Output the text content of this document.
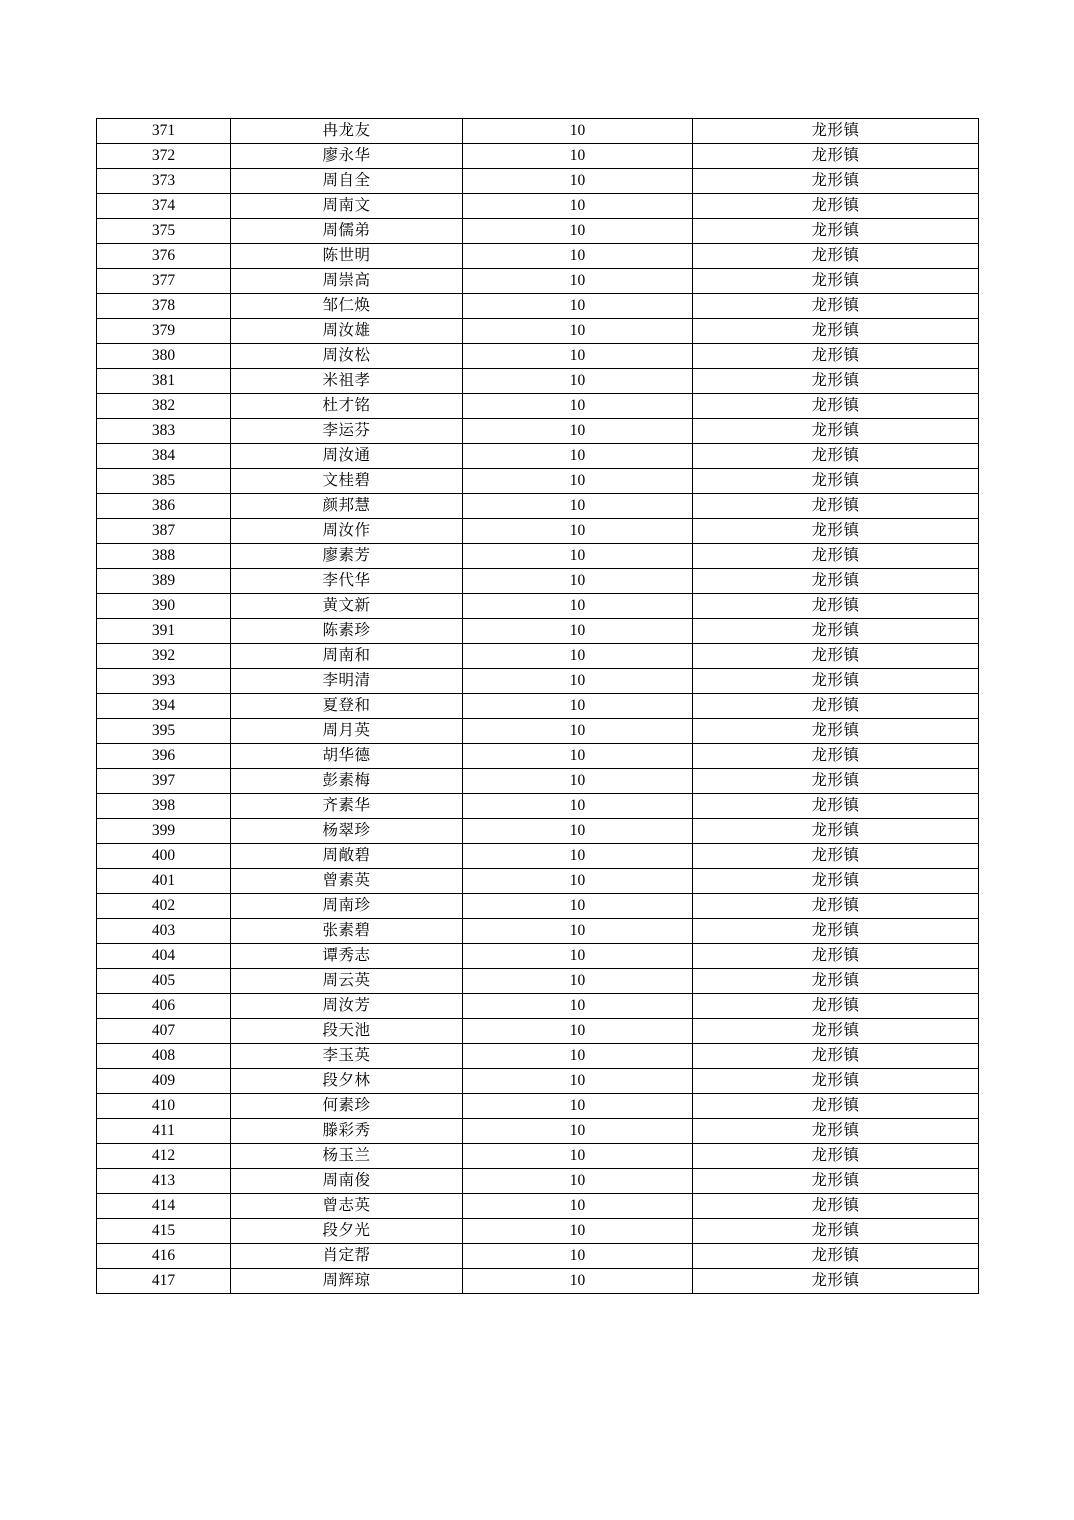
371	冉龙友	10	龙形镇
372	廖永华	10	龙形镇
373	周自全	10	龙形镇
374	周南文	10	龙形镇
375	周儒弟	10	龙形镇
376	陈世明	10	龙形镇
377	周崇高	10	龙形镇
378	邹仁焕	10	龙形镇
379	周汝雄	10	龙形镇
380	周汝松	10	龙形镇
381	米祖孝	10	龙形镇
382	杜才铭	10	龙形镇
383	李运芬	10	龙形镇
384	周汝通	10	龙形镇
385	文桂碧	10	龙形镇
386	颜邦慧	10	龙形镇
387	周汝作	10	龙形镇
388	廖素芳	10	龙形镇
389	李代华	10	龙形镇
390	黄文新	10	龙形镇
391	陈素珍	10	龙形镇
392	周南和	10	龙形镇
393	李明清	10	龙形镇
394	夏登和	10	龙形镇
395	周月英	10	龙形镇
396	胡华德	10	龙形镇
397	彭素梅	10	龙形镇
398	齐素华	10	龙形镇
399	杨翠珍	10	龙形镇
400	周敞碧	10	龙形镇
401	曾素英	10	龙形镇
402	周南珍	10	龙形镇
403	张素碧	10	龙形镇
404	谭秀志	10	龙形镇
405	周云英	10	龙形镇
406	周汝芳	10	龙形镇
407	段天池	10	龙形镇
408	李玉英	10	龙形镇
409	段夕林	10	龙形镇
410	何素珍	10	龙形镇
411	滕彩秀	10	龙形镇
412	杨玉兰	10	龙形镇
413	周南俊	10	龙形镇
414	曾志英	10	龙形镇
415	段夕光	10	龙形镇
416	肖定帮	10	龙形镇
417	周辉琼	10	龙形镇
